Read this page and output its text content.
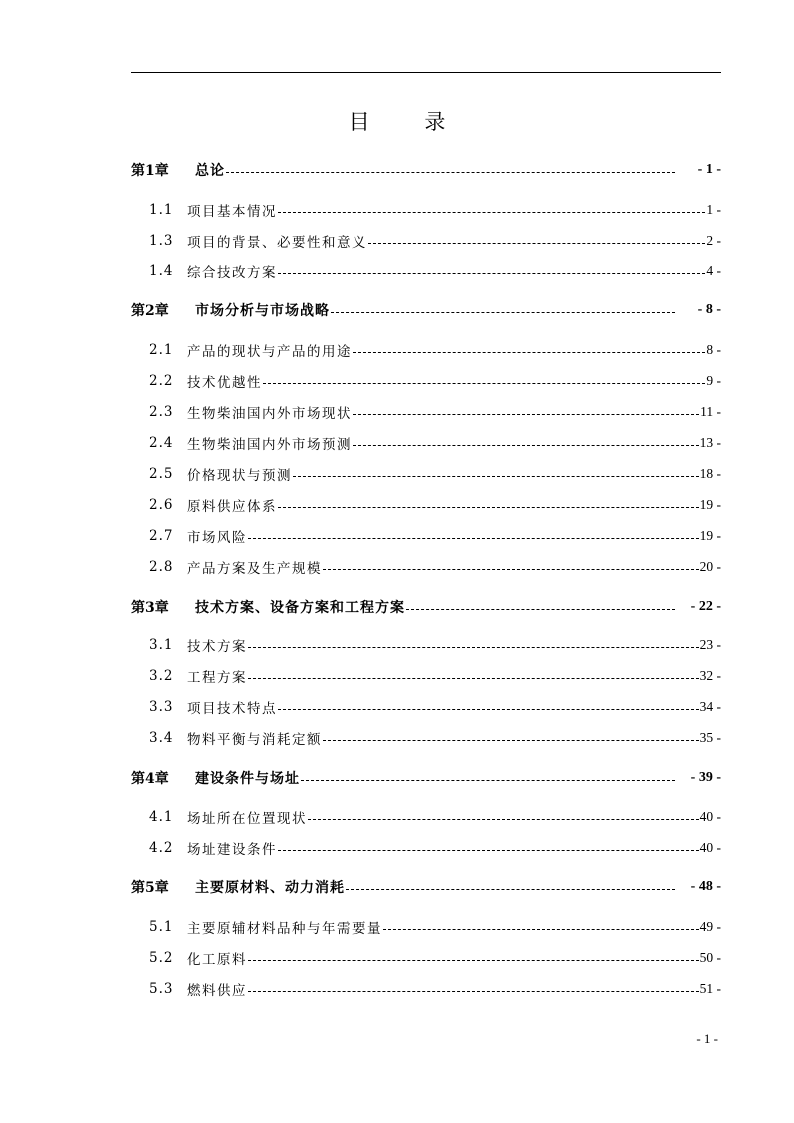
目 录
第1章	总论	- 1 -
1.1	项目基本情况	1 -
1.3	项目的背景、必要性和意义	2 -
1.4	综合技改方案	4 -
第2章	市场分析与市场战略	- 8 -
2.1	产品的现状与产品的用途	8 -
2.2	技术优越性	9 -
2.3	生物柴油国内外市场现状	11 -
2.4	生物柴油国内外市场预测	13 -
2.5	价格现状与预测	18 -
2.6	原料供应体系	19 -
2.7	市场风险	19 -
2.8	产品方案及生产规模	20 -
第3章	技术方案、设备方案和工程方案	- 22 -
3.1	技术方案	23 -
3.2	工程方案	32 -
3.3	项目技术特点	34 -
3.4	物料平衡与消耗定额	35 -
第4章	建设条件与场址	- 39 -
4.1	场址所在位置现状	40 -
4.2	场址建设条件	40 -
第5章	主要原材料、动力消耗	- 48 -
5.1	主要原辅材料品种与年需要量	49 -
5.2	化工原料	50 -
5.3	燃料供应	51 -
- 1 -
